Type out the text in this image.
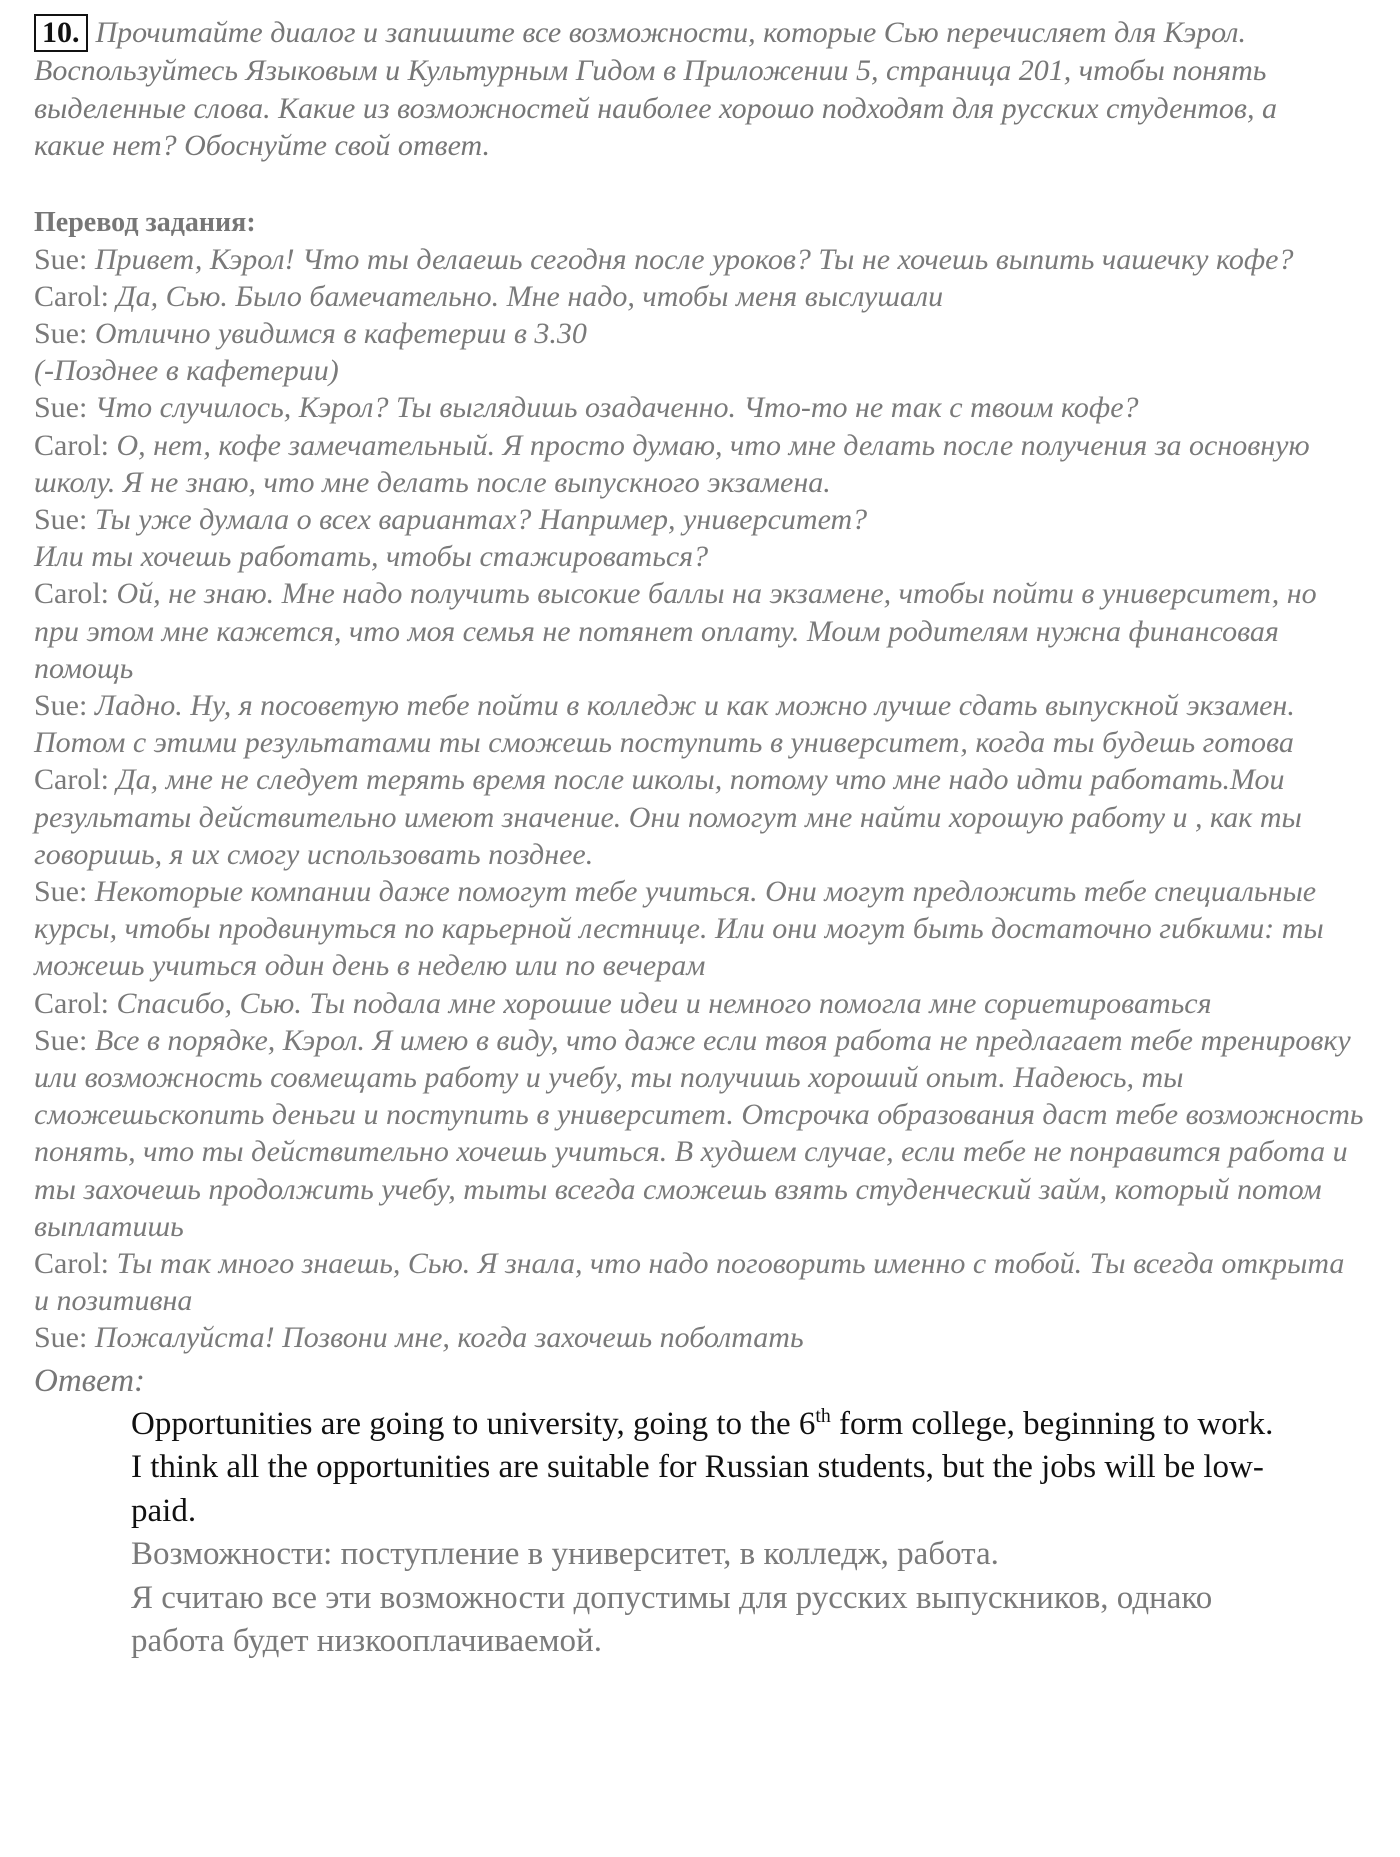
10. Прочитайте диалог и запишите все возможности, которые Сью перечисляет для Кэрол. Воспользуйтесь Языковым и Культурным Гидом в Приложении 5, страница 201, чтобы понять выделенные слова. Какие из возможностей наиболее хорошо подходят для русских студентов, а какие нет? Обоснуйте свой ответ.
Перевод задания:
Sue: Привет, Кэрол! Что ты делаешь сегодня после уроков? Ты не хочешь выпить чашечку кофе?
Carol: Да, Сью. Было бамечательно. Мне надо, чтобы меня выслушали
Sue: Отлично увидимся в кафетерии в 3.30
(-Позднее в кафетерии)
Sue: Что случилось, Кэрол? Ты выглядишь озадаченно. Что-то не так с твоим кофе?
Carol: О, нет, кофе замечательный. Я просто думаю, что мне делать после получения за основную школу. Я не знаю, что мне делать после выпускного экзамена.
Sue: Ты уже думала о всех вариантах? Например, университет?
Или ты хочешь работать, чтобы стажироваться?
Carol: Ой, не знаю. Мне надо получить высокие баллы на экзамене, чтобы пойти в университет, но при этом мне кажется, что моя семья не потянет оплату. Моим родителям нужна финансовая помощь
Sue: Ладно. Ну, я посоветую тебе пойти в колледж и как можно лучше сдать выпускной экзамен. Потом с этими результатами ты сможешь поступить в университет, когда ты будешь готова
Carol: Да, мне не следует терять время после школы, потому что мне надо идти работать.Мои результаты действительно имеют значение. Они помогут мне найти хорошую работу и , как ты говоришь, я их смогу использовать позднее.
Sue: Некоторые компании даже помогут тебе учиться. Они могут предложить тебе специальные курсы, чтобы продвинуться по карьерной лестнице. Или они могут быть достаточно гибкими: ты можешь учиться один день в неделю или по вечерам
Carol: Спасибо, Сью. Ты подала мне хорошие идеи и немного помогла мне сориетироваться
Sue: Все в порядке, Кэрол. Я имею в виду, что даже если твоя работа не предлагает тебе тренировку или возможность совмещать работу и учебу, ты получишь хороший опыт. Надеюсь, ты сможешьскопить деньги и поступить в университет. Отсрочка образования даст тебе возможность понять, что ты действительно хочешь учиться. В худшем случае, если тебе не понравится работа и ты захочешь продолжить учебу, тыты всегда сможешь взять студенческий займ, который потом выплатишь
Carol: Ты так много знаешь, Сью. Я знала, что надо поговорить именно с тобой. Ты всегда открыта и позитивна
Sue: Пожалуйста! Позвони мне, когда захочешь поболтать
Ответ:
Opportunities are going to university, going to the 6th form college, beginning to work.
I think all the opportunities are suitable for Russian students, but the jobs will be low-paid.
Возможности: поступление в университет, в колледж, работа.
Я считаю все эти возможности допустимы для русских выпускников, однако работа будет низкооплачиваемой.
